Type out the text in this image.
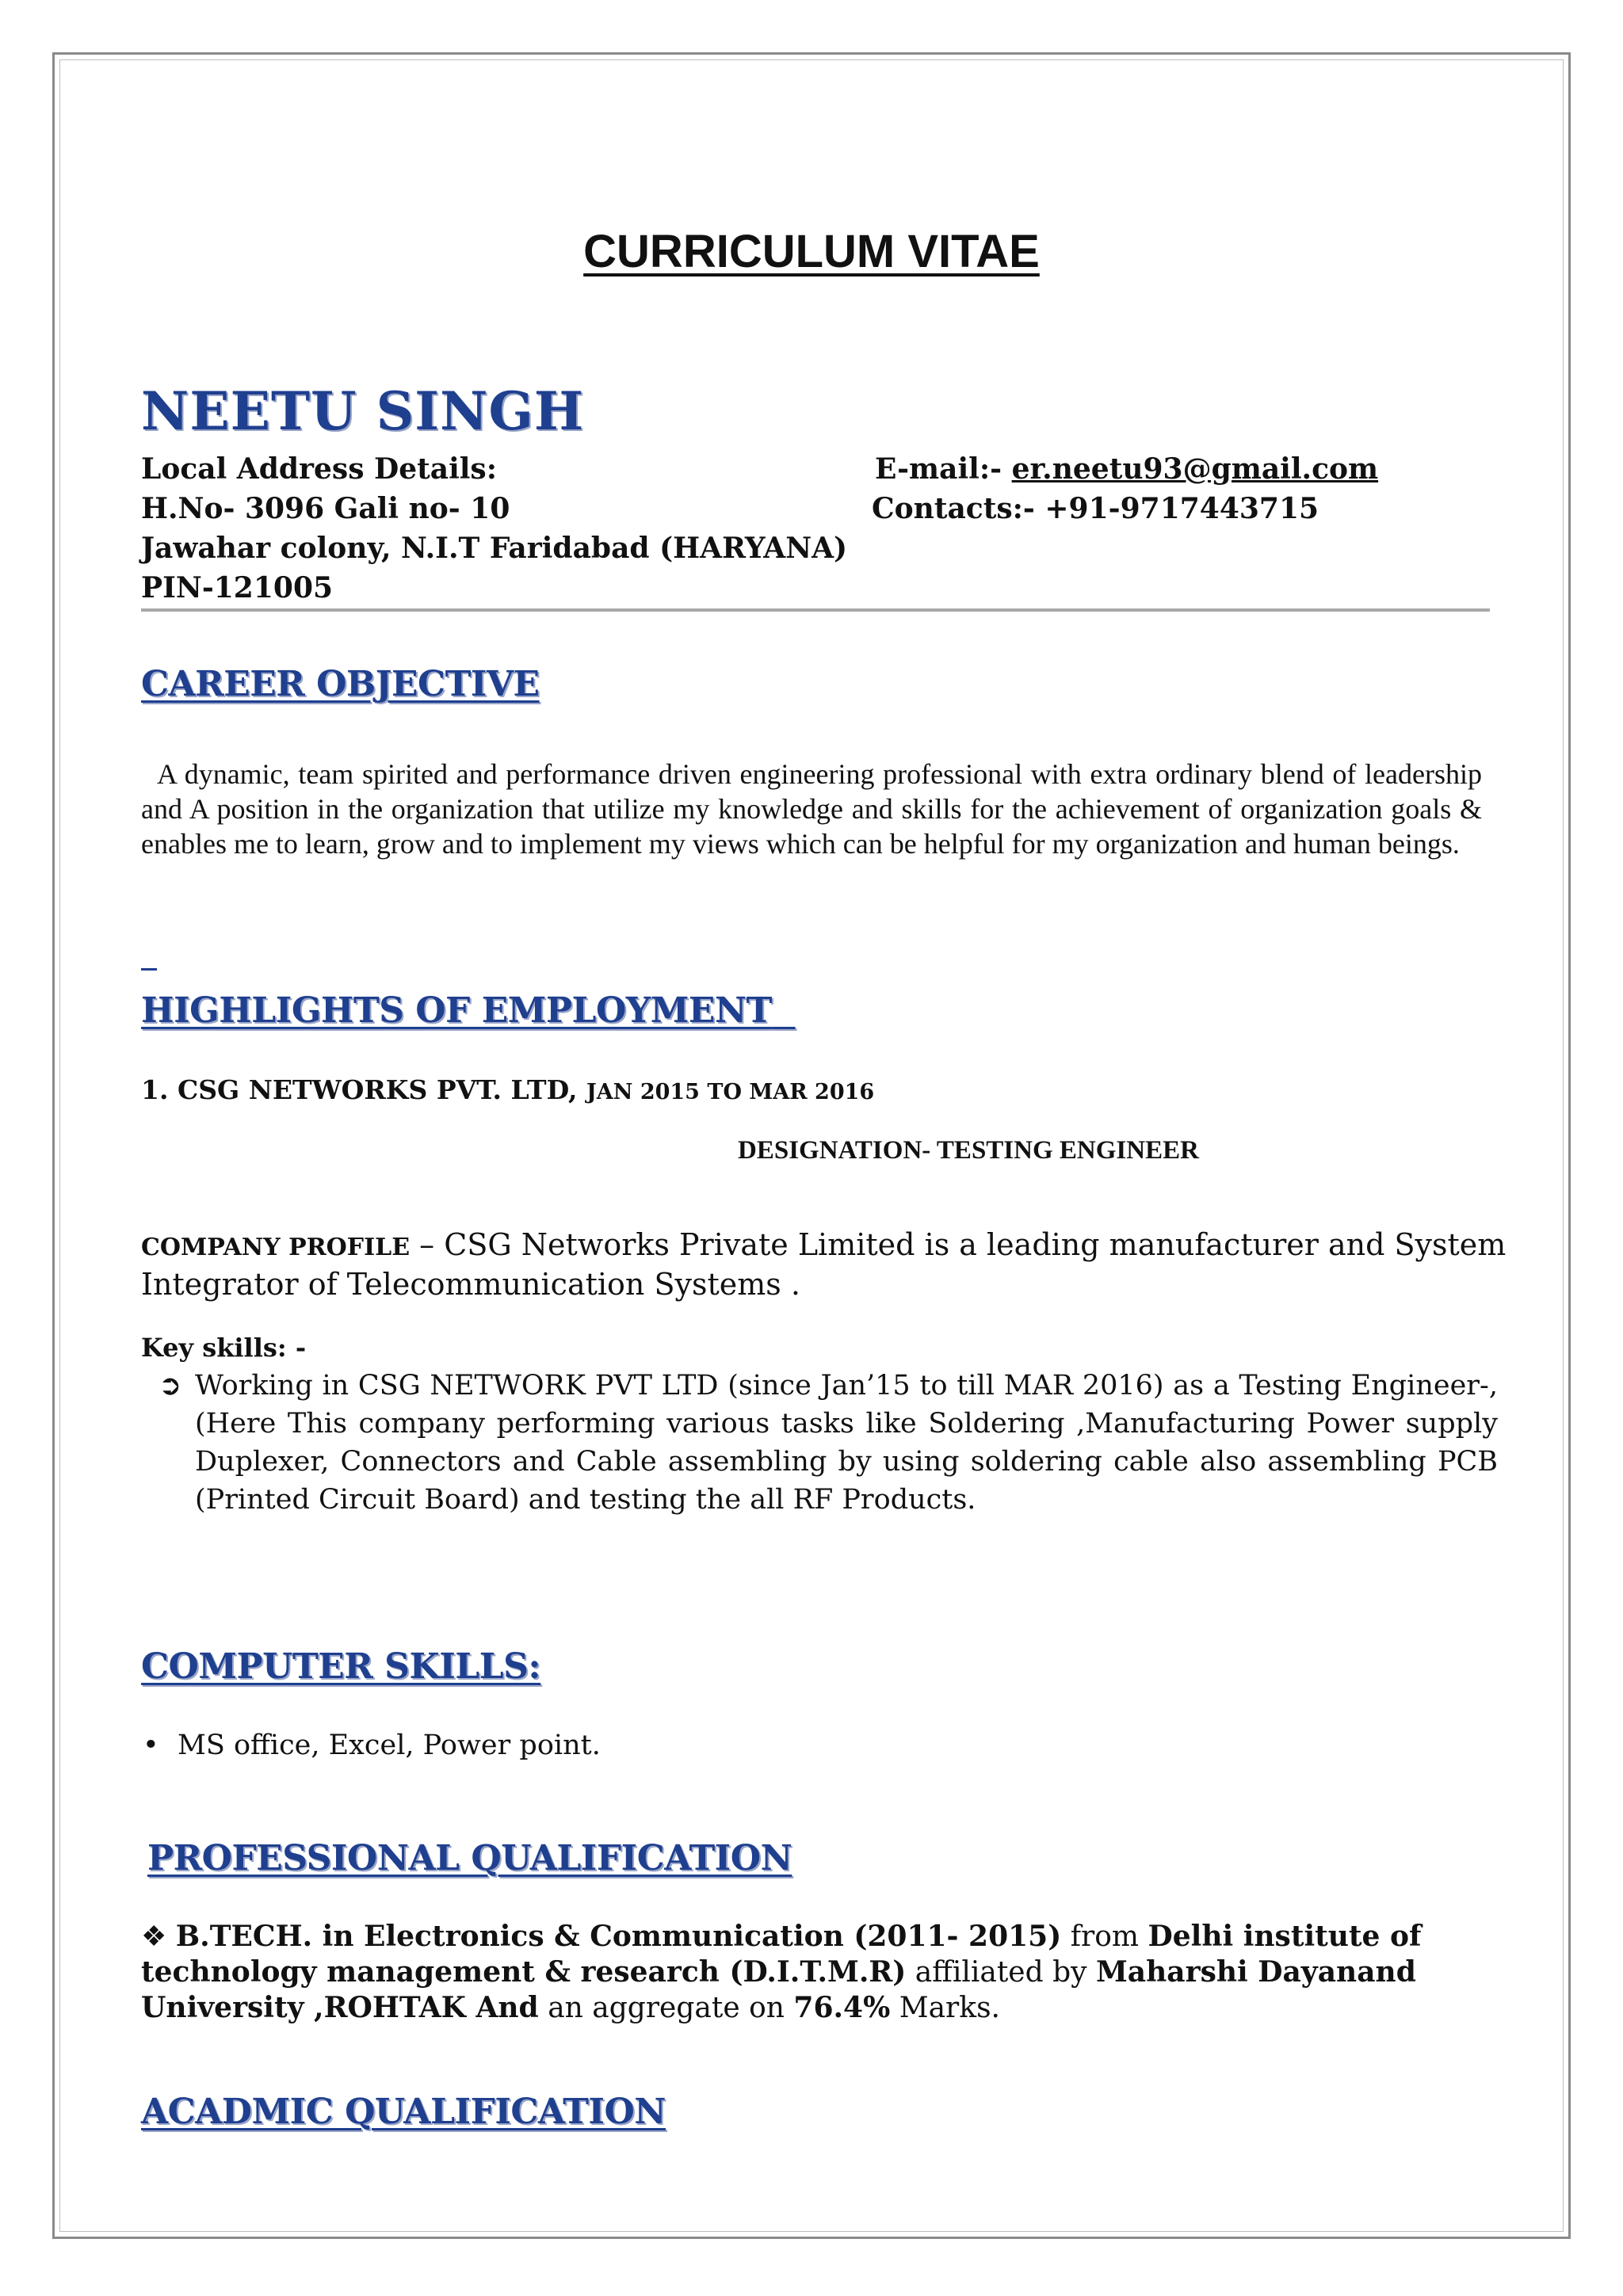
CURRICULUM VITAE
NEETU SINGH
Local Address Details:
H.No- 3096 Gali no- 10
Jawahar colony, N.I.T Faridabad (HARYANA)
PIN-121005
E-mail:- er.neetu93@gmail.com
Contacts:- +91-9717443715
CAREER OBJECTIVE
A dynamic, team spirited and performance driven engineering professional with extra ordinary blend of leadership and A position in the organization that utilize my knowledge and skills for the achievement of organization goals & enables me to learn, grow and to implement my views which can be helpful for my organization and human beings.
HIGHLIGHTS OF EMPLOYMENT
1. CSG NETWORKS PVT. LTD, JAN 2015 TO MAR 2016
DESIGNATION- TESTING ENGINEER
COMPANY PROFILE – CSG Networks Private Limited is a leading manufacturer and System
Integrator of Telecommunication Systems .
Key skills: -
➲ Working in CSG NETWORK PVT LTD (since Jan’15 to till MAR 2016) as a Testing Engineer-, (Here This company performing various tasks like Soldering ,Manufacturing Power supply Duplexer, Connectors and Cable assembling by using soldering cable also assembling PCB (Printed Circuit Board) and testing the all RF Products.
COMPUTER SKILLS:
• MS office, Excel, Power point.
PROFESSIONAL QUALIFICATION
❖ B.TECH. in Electronics & Communication (2011- 2015) from Delhi institute of
technology management & research (D.I.T.M.R) affiliated by Maharshi Dayanand
University ,ROHTAK And an aggregate on 76.4% Marks.
ACADMIC QUALIFICATION
